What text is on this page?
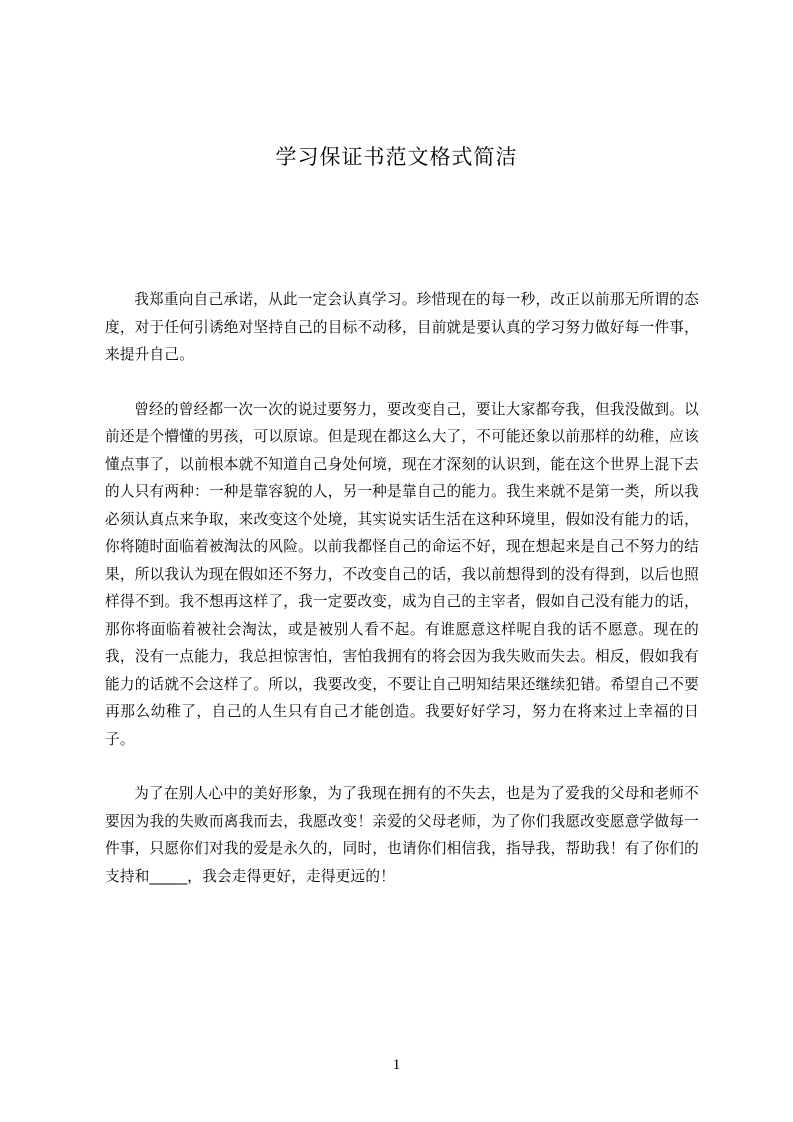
学习保证书范文格式简洁

我郑重向自己承诺，从此一定会认真学习。珍惜现在的每一秒，改正以前那无所谓的态度，对于任何引诱绝对坚持自己的目标不动移，目前就是要认真的学习努力做好每一件事，来提升自己。

曾经的曾经都一次一次的说过要努力，要改变自己，要让大家都夸我，但我没做到。以前还是个懵懂的男孩，可以原谅。但是现在都这么大了，不可能还象以前那样的幼稚，应该懂点事了，以前根本就不知道自己身处何境，现在才深刻的认识到，能在这个世界上混下去的人只有两种：一种是靠容貌的人，另一种是靠自己的能力。我生来就不是第一类，所以我必须认真点来争取，来改变这个处境，其实说实话生活在这种环境里，假如没有能力的话，你将随时面临着被淘汰的风险。以前我都怪自己的命运不好，现在想起来是自己不努力的结果，所以我认为现在假如还不努力，不改变自己的话，我以前想得到的没有得到，以后也照样得不到。我不想再这样了，我一定要改变，成为自己的主宰者，假如自己没有能力的话，那你将面临着被社会淘汰，或是被别人看不起。有谁愿意这样呢自我的话不愿意。现在的我，没有一点能力，我总担惊害怕，害怕我拥有的将会因为我失败而失去。相反，假如我有能力的话就不会这样了。所以，我要改变，不要让自己明知结果还继续犯错。希望自己不要再那么幼稚了，自己的人生只有自己才能创造。我要好好学习，努力在将来过上幸福的日子。

为了在别人心中的美好形象，为了我现在拥有的不失去，也是为了爱我的父母和老师不要因为我的失败而离我而去，我愿改变！亲爱的父母老师，为了你们我愿改变愿意学做每一件事，只愿你们对我的爱是永久的，同时，也请你们相信我，指导我，帮助我！有了你们的支持和_____，我会走得更好，走得更远的！

1
